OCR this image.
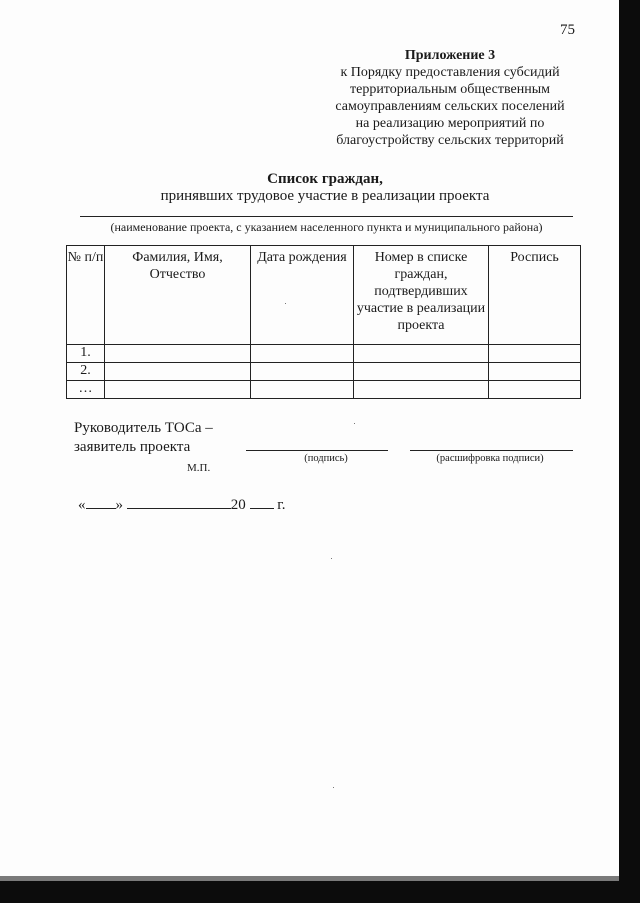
75
Приложение 3
к Порядку предоставления субсидий
территориальным общественным
самоуправлениям сельских поселений
на реализацию мероприятий по
благоустройству сельских территорий
Список граждан,
принявших трудовое участие в реализации проекта
(наименование проекта, с указанием населенного пункта и муниципального района)
№ п/п	Фамилия, Имя, Отчество	Дата рождения	Номер в списке граждан, подтвердивших участие в реализации проекта	Роспись
1.				
2.				
…				
Руководитель ТОСа –
заявитель проекта
(подпись)	(расшифровка подписи)
М.П.
« »	20 г.
